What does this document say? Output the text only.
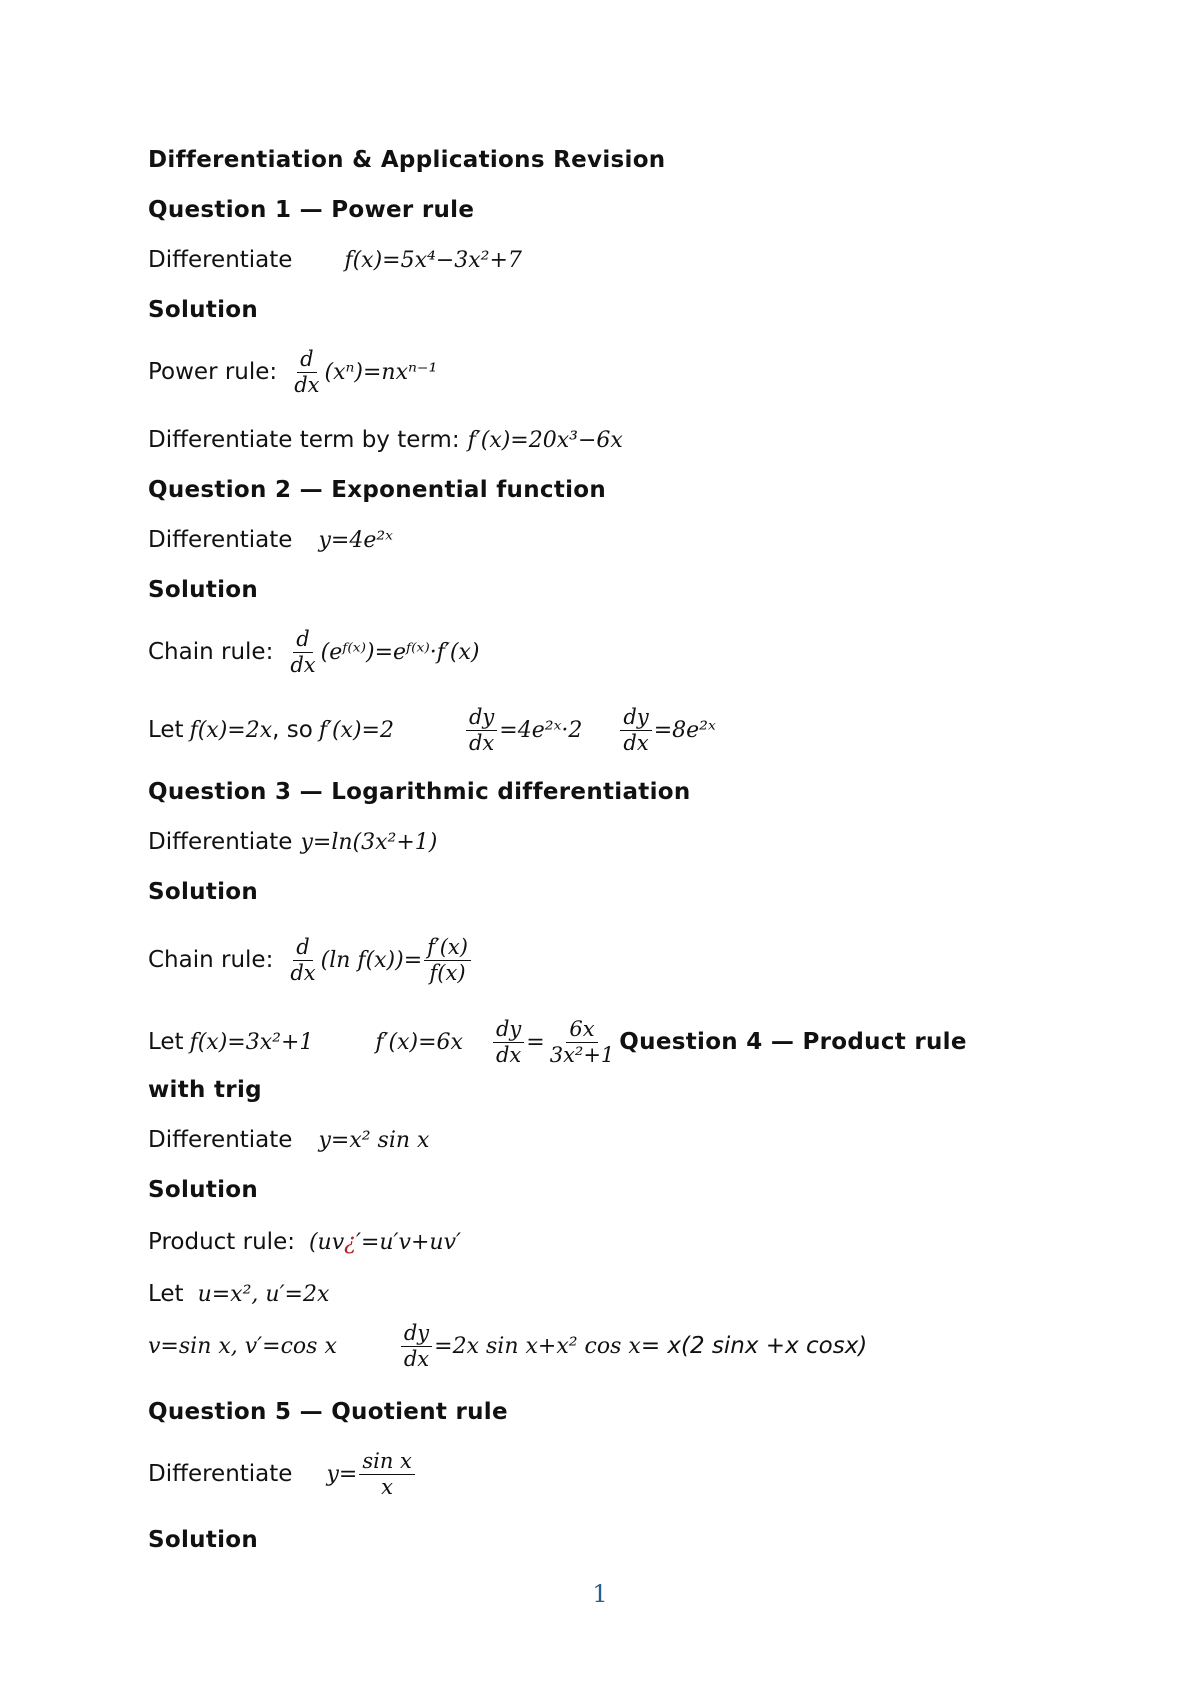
Differentiation & Applications Revision
Question 1 — Power rule
Differentiate f(x)=5x⁴−3x²+7
Solution
Power rule: $\frac{d}{dx} (x^n)=nx^{n-1}$
Differentiate term by term: f′(x)=20x³−6x
Question 2 — Exponential function
Differentiate y=4e²ˣ
Solution
Chain rule: $\frac{d}{dx}$ (eᶠ⁽ˣ⁾)=eᶠ⁽ˣ⁾·f′(x)
Let f(x)=2x , so f′(x)=2	$\frac{dy}{dx}$ =4e²ˣ·2 $\frac{dy}{dx}$ =8e²ˣ
Question 3 — Logarithmic differentiation
Differentiate y=ln(3x²+1)
Solution
Chain rule: $\frac{d}{dx} (\ln$ $f(x))= \frac{f'(x)}{f(x)}$
Let f(x)=3x²+1	$f'(x)=6x \frac{dy}{dx} = \frac{6x}{\text{3x²+1}}$ Question 4 — Product rule
with trig
Differentiate y=x² sin x
Solution
Product rule: (uv ¿ ′=u′v+uv′
Let u=x², u′=2x
v=sin x, v′=cos x	$\frac{dy}{dx} =2x$ sin x+x² cos x = x(2 sinx +x cosx)
Question 5 — Quotient rule
Differentiate $y= \frac{\text{sin x}}{x}$
Solution
1
